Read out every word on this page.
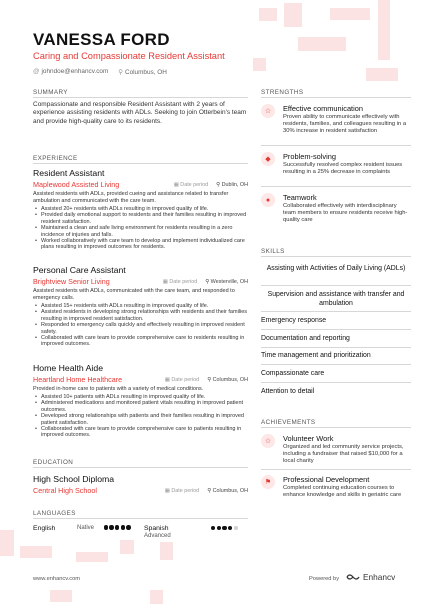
VANESSA FORD
Caring and Compassionate Resident Assistant
@ johndoe@enhancv.com ⚲ Columbus, OH
SUMMARY
Compassionate and responsible Resident Assistant with 2 years of experience assisting residents with ADLs. Seeking to join Otterbein's team and provide high-quality care to its residents.
EXPERIENCE
Resident Assistant
Maplewood Assisted Living	▦ Date period ⚲ Dublin, OH
Assisted residents with ADLs, provided cueing and assistance related to transfer ambulation and communicated with the care team.
• Assisted 20+ residents with ADLs resulting in improved quality of life.
• Provided daily emotional support to residents and their families resulting in improved resident satisfaction.
• Maintained a clean and safe living environment for residents resulting in a zero incidence of injuries and falls.
• Worked collaboratively with care team to develop and implement individualized care plans resulting in improved outcomes for residents.
Personal Care Assistant
Brightview Senior Living	▦ Date period ⚲ Westerville, OH
Assisted residents with ADLs, communicated with the care team, and responded to emergency calls.
• Assisted 15+ residents with ADLs resulting in improved quality of life.
• Assisted residents in developing strong relationships with residents and their families resulting in improved resident satisfaction.
• Responded to emergency calls quickly and effectively resulting in improved resident safety.
• Collaborated with care team to provide comprehensive care to residents resulting in improved outcomes.
Home Health Aide
Heartland Home Healthcare	▦ Date period ⚲ Columbus, OH
Provided in-home care to patients with a variety of medical conditions.
• Assisted 10+ patients with ADLs resulting in improved quality of life.
• Administered medications and monitored patient vitals resulting in improved patient outcomes.
• Developed strong relationships with patients and their families resulting in improved patient satisfaction.
• Collaborated with care team to provide comprehensive care to patients resulting in improved outcomes.
EDUCATION
High School Diploma
Central High School	▦ Date period ⚲ Columbus, OH
LANGUAGES
English	Native	Spanish
Advanced
STRENGTHS
☆	Effective communication
Proven ability to communicate effectively with residents, families, and colleagues resulting in a 30% increase in resident satisfaction
◆	Problem-solving
Successfully resolved complex resident issues resulting in a 25% decrease in complaints
●	Teamwork
Collaborated effectively with interdisciplinary team members to ensure residents receive high-quality care
SKILLS
Assisting with Activities of Daily Living (ADLs)
Supervision and assistance with transfer and ambulation
Emergency response
Documentation and reporting
Time management and prioritization
Compassionate care
Attention to detail
ACHIEVEMENTS
☆	Volunteer Work
Organized and led community service projects, including a fundraiser that raised $10,000 for a local charity
⚑	Professional Development
Completed continuing education courses to enhance knowledge and skills in geriatric care
www.enhancv.com	Powered by	Enhancv
